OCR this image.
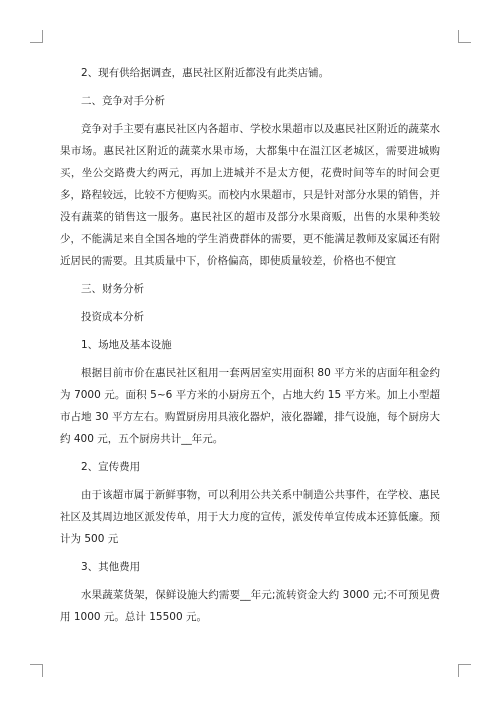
2、现有供给据调查，惠民社区附近都没有此类店铺。

二、竞争对手分析

竞争对手主要有惠民社区内各超市、学校水果超市以及惠民社区附近的蔬菜水果市场。惠民社区附近的蔬菜水果市场，大都集中在温江区老城区，需要进城购买，坐公交路费大约两元，再加上进城并不是太方便，花费时间等车的时间会更多，路程较远，比较不方便购买。而校内水果超市，只是针对部分水果的销售，并没有蔬菜的销售这一服务。惠民社区的超市及部分水果商贩，出售的水果种类较少，不能满足来自全国各地的学生消费群体的需要，更不能满足教师及家属还有附近居民的需要。且其质量中下，价格偏高，即使质量较差，价格也不便宜

三、财务分析

投资成本分析

1、场地及基本设施

根据目前市价在惠民社区租用一套两居室实用面积 80 平方米的店面年租金约为 7000 元。面积 5~6 平方米的小厨房五个，占地大约 15 平方米。加上小型超市占地 30 平方左右。购置厨房用具液化器炉，液化器罐，排气设施，每个厨房大约 400 元，五个厨房共计__年元。

2、宣传费用

由于该超市属于新鲜事物，可以利用公共关系中制造公共事件，在学校、惠民社区及其周边地区派发传单，用于大力度的宣传，派发传单宣传成本还算低廉。预计为 500 元

3、其他费用

水果蔬菜货架，保鲜设施大约需要__年元;流转资金大约 3000 元;不可预见费用 1000 元。总计 15500 元。
